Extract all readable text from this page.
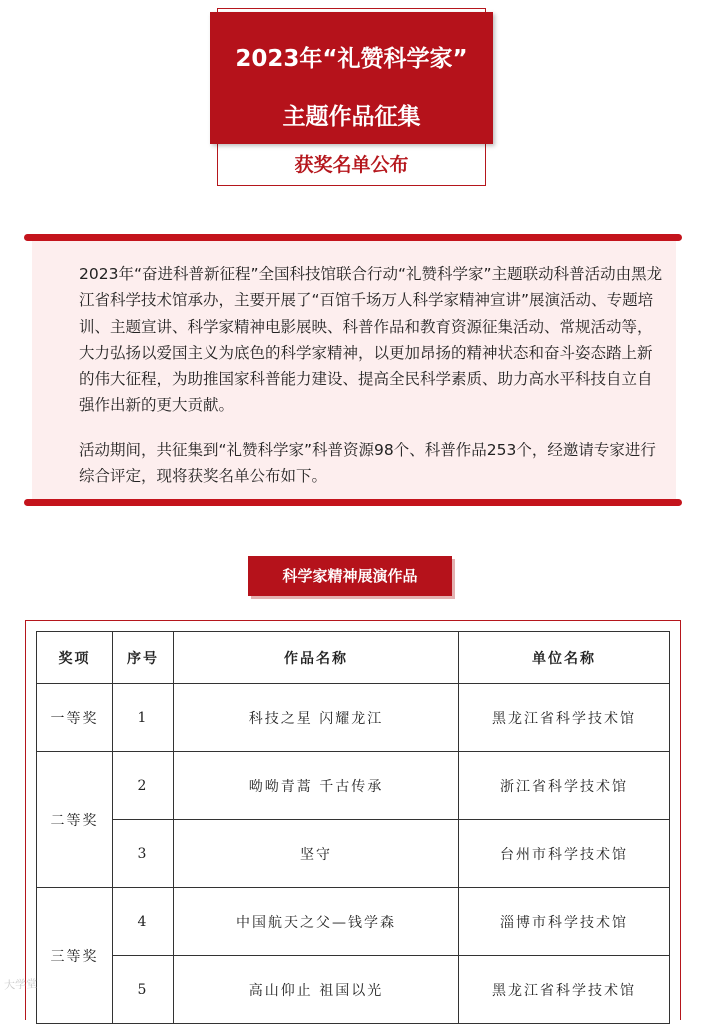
2023年“礼赞科学家”
主题作品征集
获奖名单公布

2023年“奋进科普新征程”全国科技馆联合行动“礼赞科学家”主题联动科普活动由黑龙江省科学技术馆承办，主要开展了“百馆千场万人科学家精神宣讲”展演活动、专题培训、主题宣讲、科学家精神电影展映、科普作品和教育资源征集活动、常规活动等，大力弘扬以爱国主义为底色的科学家精神，以更加昂扬的精神状态和奋斗姿态踏上新的伟大征程，为助推国家科普能力建设、提高全民科学素质、助力高水平科技自立自强作出新的更大贡献。

活动期间，共征集到“礼赞科学家”科普资源98个、科普作品253个，经邀请专家进行综合评定，现将获奖名单公布如下。

科学家精神展演作品
奖项	序号	作品名称	单位名称
一等奖	1	科技之星 闪耀龙江	黑龙江省科学技术馆
二等奖	2	呦呦青蒿 千古传承	浙江省科学技术馆
	3	坚守	台州市科学技术馆
三等奖	4	中国航天之父—钱学森	淄博市科学技术馆
	5	高山仰止 祖国以光	黑龙江省科学技术馆
大学堂
